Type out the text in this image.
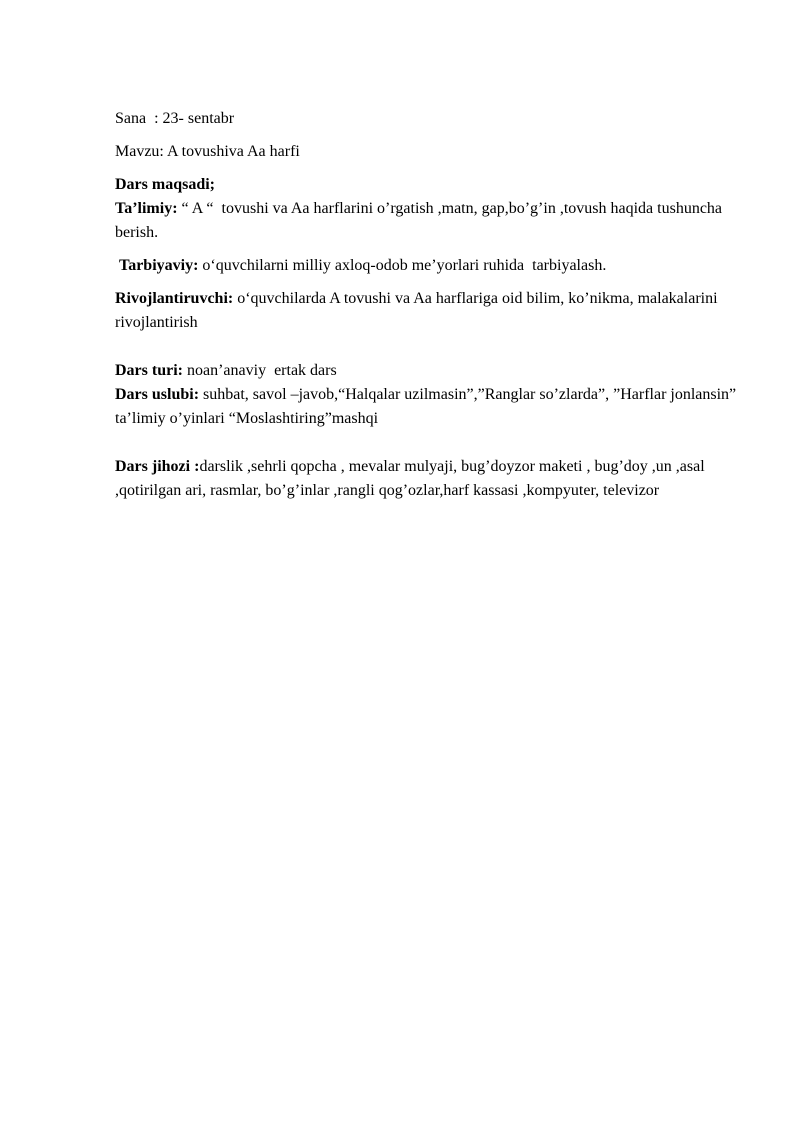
Sana  : 23- sentabr

Mavzu: A tovushiva Aa harfi

Dars maqsadi;

Ta’limiy: “ A “  tovushi va Aa harflarini o’rgatish ,matn, gap,bo’g’in ,tovush haqida tushuncha berish.

Tarbiyaviy: o‘quvchilarni milliy axloq-odob me’yorlari ruhida  tarbiyalash.

Rivojlantiruvchi: o‘quvchilarda A tovushi va Aa harflariga oid bilim, ko’nikma, malakalarini rivojlantirish

Dars turi: noan’anaviy  ertak dars

Dars uslubi: suhbat, savol –javob,“Halqalar uzilmasin”,”Ranglar so’zlarda”, ”Harflar jonlansin” ta’limiy o’yinlari “Moslashtiring”mashqi

Dars jihozi :darslik ,sehrli qopcha , mevalar mulyaji, bug’doyzor maketi , bug’doy ,un ,asal ,qotirilgan ari, rasmlar, bo’g’inlar ,rangli qog’ozlar,harf kassasi ,kompyuter, televizor
